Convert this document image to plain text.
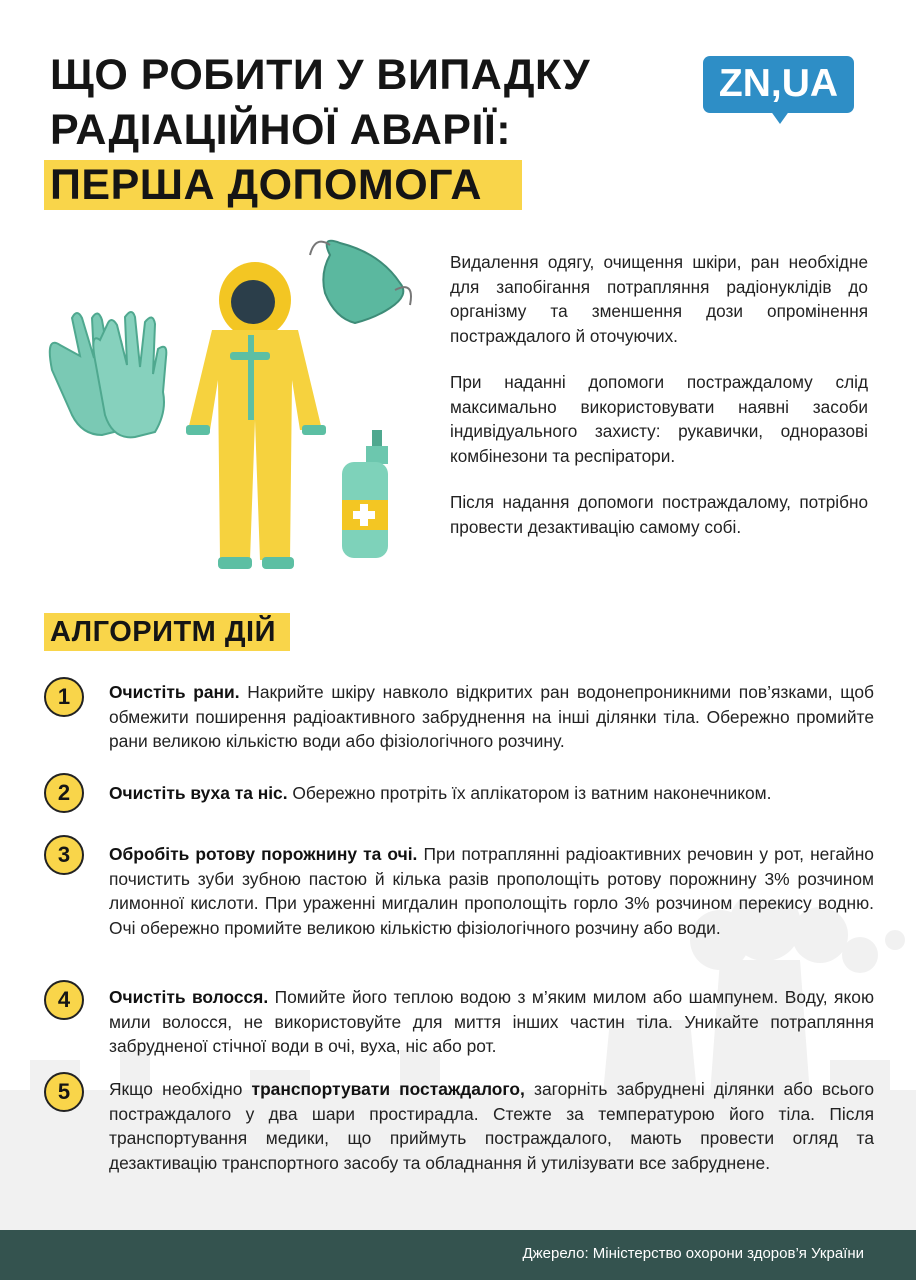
ЩО РОБИТИ У ВИПАДКУ
РАДІАЦІЙНОЇ АВАРІЇ:
ПЕРША ДОПОМОГА
ZN,UA

Видалення одягу, очищення шкіри, ран необхідне для запобігання потрапляння радіонуклідів до організму та зменшення дози опромінення постраждалого й оточуючих.

При наданні допомоги постраждалому слід максимально використовувати наявні засоби індивідуального захисту: рукавички, одноразові комбінезони та респіратори.

Після надання допомоги постраждалому, потрібно провести дезактивацію самому собі.

АЛГОРИТМ ДІЙ
1	Очистіть рани. Накрийте шкіру навколо відкритих ран водонепроникними пов’язками, щоб обмежити поширення радіоактивного забруднення на інші ділянки тіла. Обережно промийте рани великою кількістю води або фізіологічного розчину.
2	Очистіть вуха та ніс. Обережно протріть їх аплікатором із ватним наконечником.
3	Обробіть ротову порожнину та очі. При потраплянні радіоактивних речовин у рот, негайно почистить зуби зубною пастою й кілька разів прополощіть ротову порожнину 3% розчином лимонної кислоти. При ураженні мигдалин прополощіть горло 3% розчином перекису водню. Очі обережно промийте великою кількістю фізіологічного розчину або води.
4	Очистіть волосся. Помийте його теплою водою з м’яким милом або шампунем. Воду, якою мили волосся, не використовуйте для миття інших частин тіла. Уникайте потрапляння забрудненої стічної води в очі, вуха, ніс або рот.
5	Якщо необхідно транспортувати постаждалого, загорніть забруднені ділянки або всього постраждалого у два шари простирадла. Стежте за температурою його тіла. Після транспортування медики, що приймуть постраждалого, мають провести огляд та дезактивацію транспортного засобу та обладнання й утилізувати все забруднене.
Джерело: Міністерство охорони здоров’я України
